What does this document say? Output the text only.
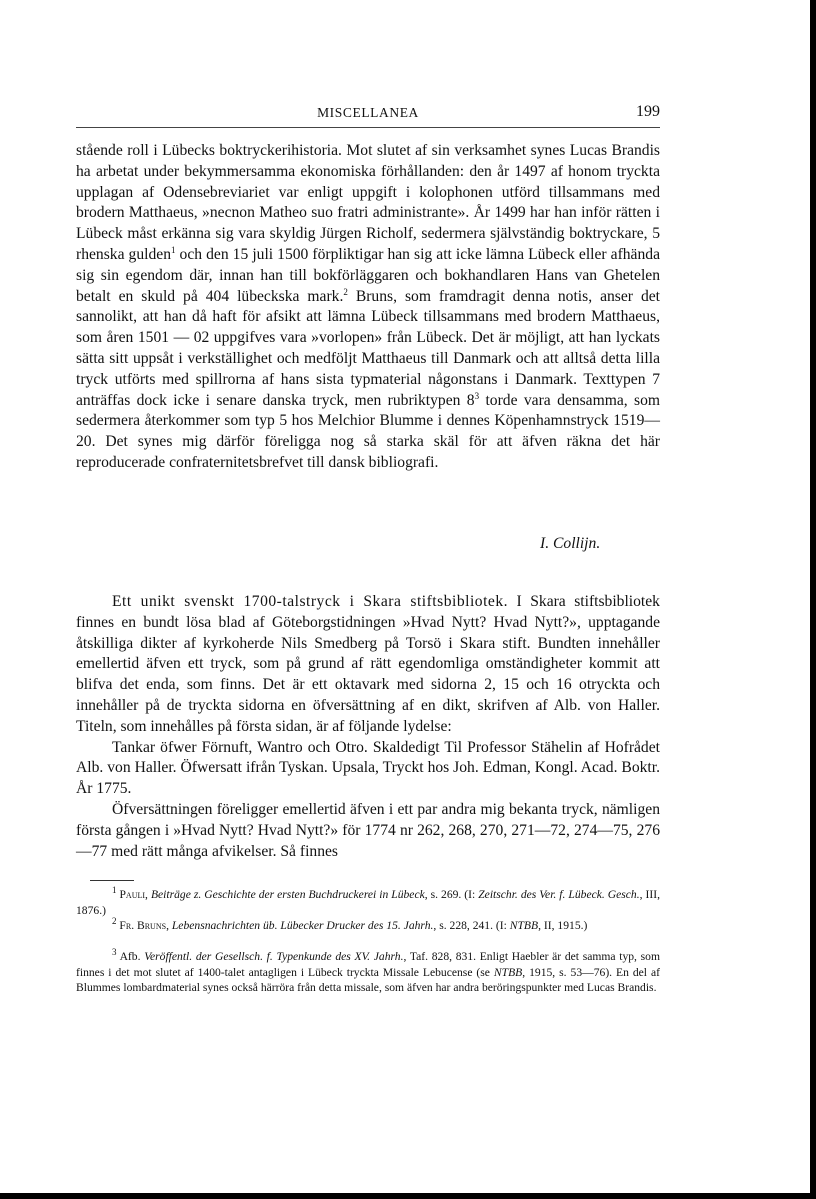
MISCELLANEA	199

stående roll i Lübecks boktryckerihistoria. Mot slutet af sin verksamhet synes Lucas Brandis ha arbetat under bekymmersamma ekonomiska förhållanden: den år 1497 af honom tryckta upplagan af Odensebreviariet var enligt uppgift i kolophonen utförd tillsammans med brodern Matthaeus, »necnon Matheo suo fratri administrante». År 1499 har han inför rätten i Lübeck måst erkänna sig vara skyldig Jürgen Richolf, sedermera självständig boktryckare, 5 rhenska gulden$^1$ och den 15 juli 1500 förpliktigar han sig att icke lämna Lübeck eller afhända sig sin egendom där, innan han till bokförläggaren och bokhandlaren Hans van Ghetelen betalt en skuld på 404 lübeckska mark.$^2$ Bruns, som framdragit denna notis, anser det sannolikt, att han då haft för afsikt att lämna Lübeck tillsammans med brodern Matthaeus, som åren 1501 — 02 uppgifves vara »vorlopen» från Lübeck. Det är möjligt, att han lyckats sätta sitt uppsåt i verkställighet och medföljt Matthaeus till Danmark och att alltså detta lilla tryck utförts med spillrorna af hans sista typmaterial någonstans i Danmark. Texttypen 7 anträffas dock icke i senare danska tryck, men rubriktypen $8^3$ torde vara densamma, som sedermera återkommer som typ 5 hos Melchior Blumme i dennes Köpenhamnstryck 1519—20. Det synes mig därför föreligga nog så starka skäl för att äfven räkna det här reproducerade confraternitetsbrefvet till dansk bibliografi.

I. Collijn.

Ett unikt svenskt 1700-talstryck i Skara stiftsbibliotek. I Skara stiftsbibliotek finnes en bundt lösa blad af Göteborgstidningen »Hvad Nytt? Hvad Nytt?», upptagande åtskilliga dikter af kyrkoherde Nils Smedberg på Torsö i Skara stift. Bundten innehåller emellertid äfven ett tryck, som på grund af rätt egendomliga omständigheter kommit att blifva det enda, som finns. Det är ett oktavark med sidorna 2, 15 och 16 otryckta och innehåller på de tryckta sidorna en öfversättning af en dikt, skrifven af Alb. von Haller. Titeln, som innehålles på första sidan, är af följande lydelse:
Tankar öfwer Förnuft, Wantro och Otro. Skaldedigt Til Professor Stähelin af Hofrådet Alb. von Haller. Öfwersatt ifrån Tyskan. Upsala, Tryckt hos Joh. Edman, Kongl. Acad. Boktr. År 1775.
Öfversättningen föreligger emellertid äfven i ett par andra mig bekanta tryck, nämligen första gången i »Hvad Nytt? Hvad Nytt?» för 1774 nr 262, 268, 270, 271—72, 274—75, 276—77 med rätt många afvikelser. Så finnes

$^1$ Pauli, Beiträge z. Geschichte der ersten Buchdruckerei in Lübeck, s. 269. (I: Zeitschr. des Ver. f. Lübeck. Gesch., III, 1876.)

$^2$ Fr. Bruns, Lebensnachrichten üb. Lübecker Drucker des 15. Jahrh., s. 228, 241. (I: NTBB, II, 1915.)

$^3$ Afb. Veröffentl. der Gesellsch. f. Typenkunde des XV. Jahrh., Taf. 828, 831. Enligt Haebler är det samma typ, som finnes i det mot slutet af 1400-talet antagligen i Lübeck tryckta Missale Lebucense (se NTBB, 1915, s. 53—76). En del af Blummes lombardmaterial synes också härröra från detta missale, som äfven har andra beröringspunkter med Lucas Brandis.
